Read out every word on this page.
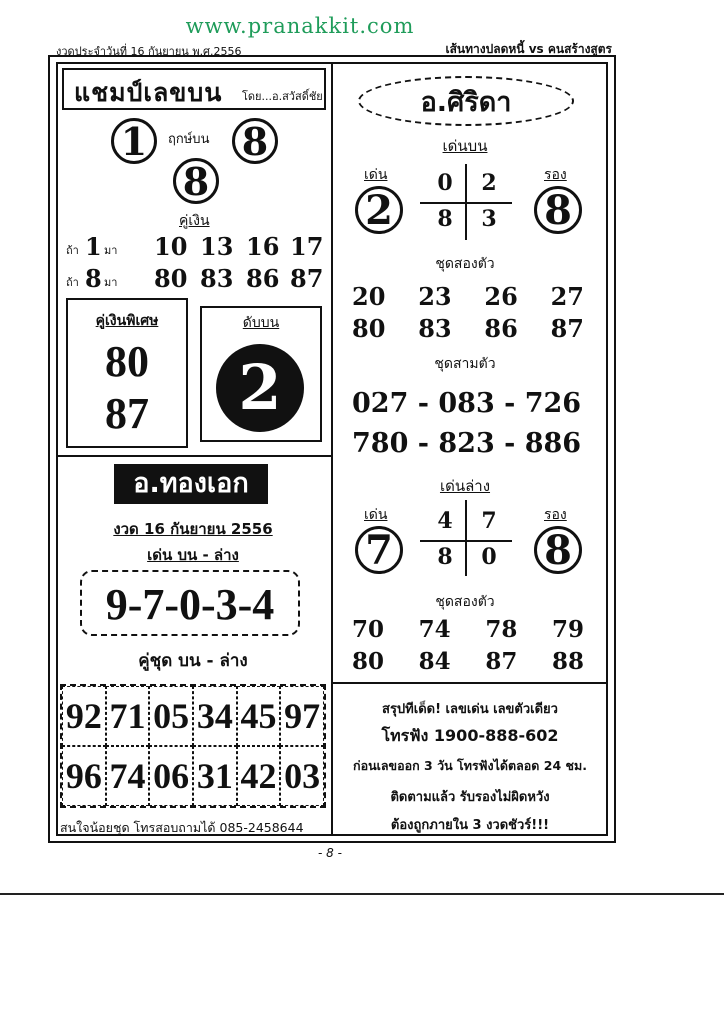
www.pranakkit.com
งวดประจำวันที่ 16 กันยายน พ.ศ.2556	เส้นทางปลดหนี้ vs คนสร้างสูตร
แชมป์เลขบน โดย...อ.สวัสดิ์ชัย
1	ฤกษ์บน 8
8
คู่เงิน
ถ้า 1 มา 10 13 16 17
ถ้า 8 มา 80 83 86 87
คู่เงินพิเศษ
80
87
ดับบน
2
อ.ทองเอก
งวด 16 กันยายน 2556
เด่น บน - ล่าง
9-7-0-3-4
คู่ชุด บน - ล่าง
92 71 05 34 45 97
96 74 06 31 42 03
สนใจน้อยชุด โทรสอบถามได้ 085-2458644
อ.ศิริดา
เด่นบน
เด่น
2
รอง
8
0	2
8	3
ชุดสองตัว
20 23 26 27
80 83 86 87
ชุดสามตัว
027 - 083 - 726
780 - 823 - 886
เด่นล่าง
เด่น
7
รอง
8
4	7
8	0
ชุดสองตัว
70 74 78 79
80 84 87 88
สรุปทีเด็ด! เลขเด่น เลขตัวเดียว
โทรฟัง 1900-888-602
ก่อนเลขออก 3 วัน โทรฟังได้ตลอด 24 ชม.
ติดตามแล้ว รับรองไม่ผิดหวัง
ต้องถูกภายใน 3 งวดชัวร์!!!
- 8 -
